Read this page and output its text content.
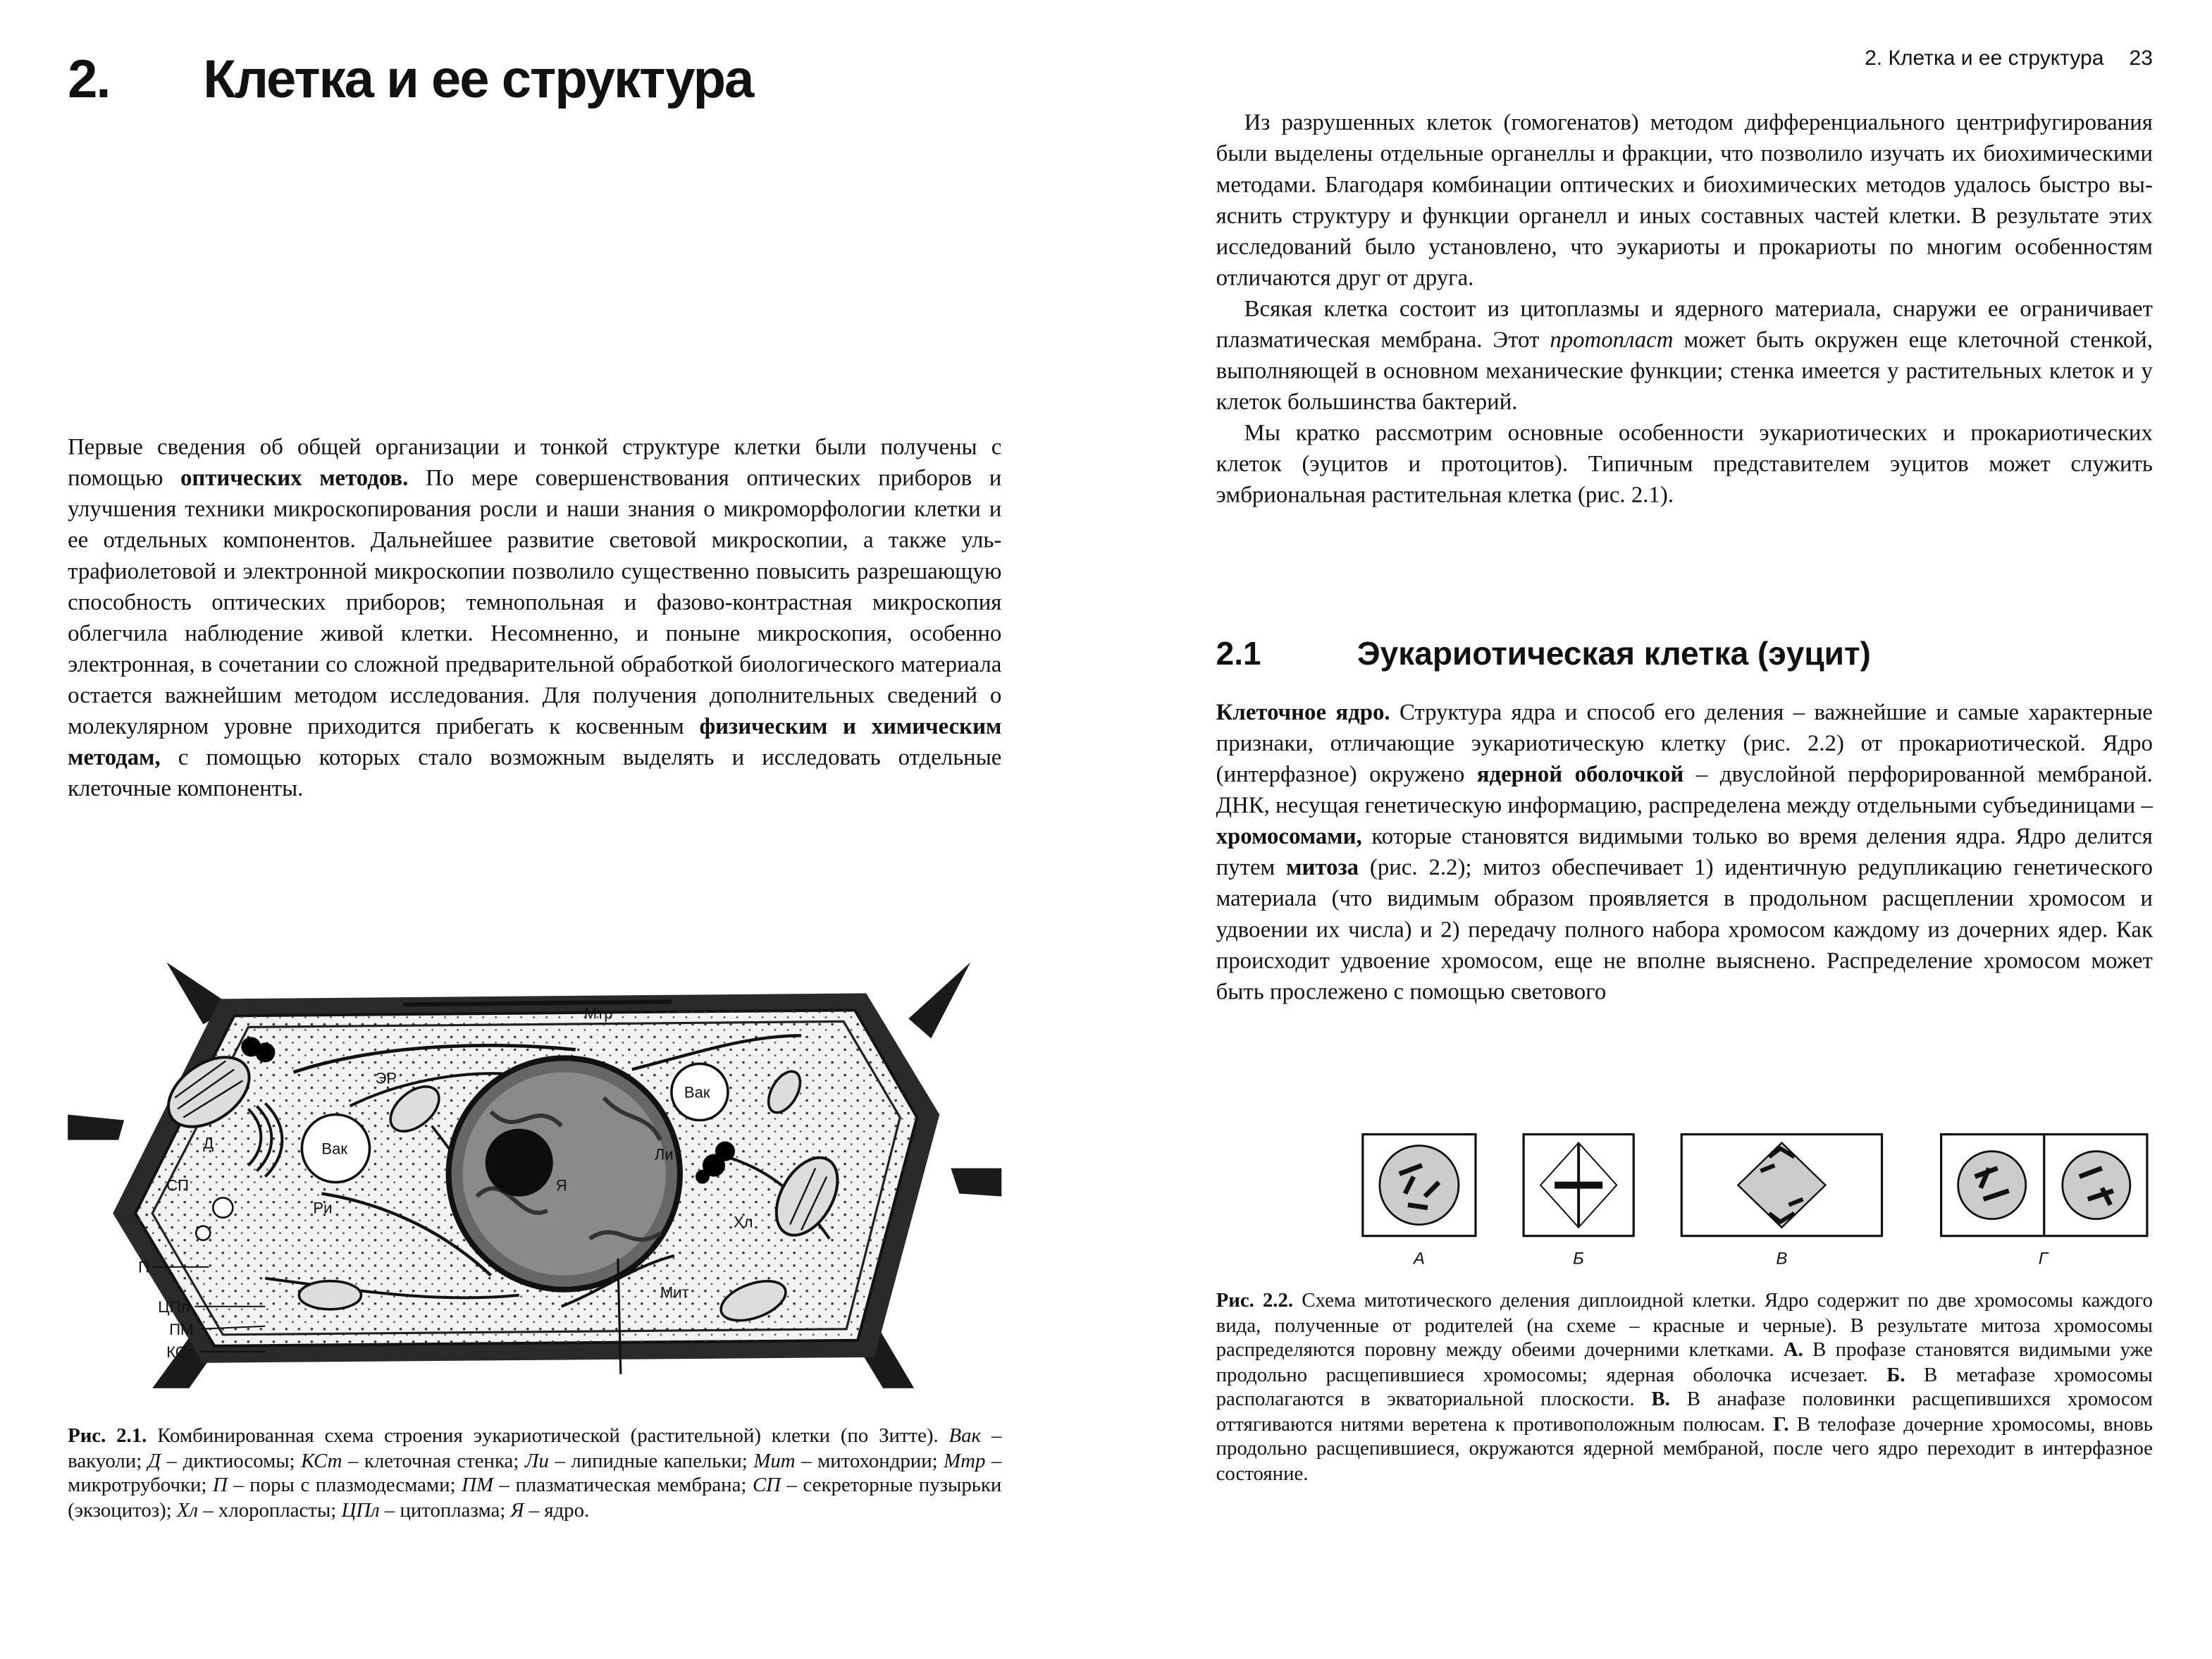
2.	Клетка и ее структура

Первые сведения об общей организации и тонкой структуре клетки были получены с помощью оптических методов. По мере совершенствования оптических приборов и улучшения техники микроскопирования росли и наши знания о микроморфологии клетки и ее отдельных компонентов. Дальнейшее развитие световой микроскопии, а также ультрафиолетовой и электронной микроскопии позволило существенно повысить разрешающую способность оптических приборов; темнопольная и фазово-контрастная микроскопия облегчила наблюдение живой клетки. Несомненно, и поныне микроскопия, особенно электронная, в сочетании со сложной предварительной обработкой биологического материала остается важнейшим методом исследования. Для получения дополнительных сведений о молекулярном уровне приходится прибегать к косвенным физическим и химическим методам, с помощью которых стало возможным выделять и исследовать отдельные клеточные компоненты.

Мтр
ЭР
Вак
Вак
Д
СП
Ри
Я
Ли
Хл
Мит
П
ЦПл
ПМ
КСт

Рис. 2.1. Комбинированная схема строения эукариотической (растительной) клетки (по Зитте). Вак – вакуоли; Д – диктиосомы; КСт – клеточная стенка; Ли – липидные капельки; Мит – митохондрии; Мтр – микротрубочки; П – поры с плазмодесмами; ПМ – плазматическая мембрана; СП – секреторные пузырьки (экзоцитоз); Хл – хлоропласты; ЦПл – цитоплазма; Я – ядро.

2. Клетка и ее структура 23

Из разрушенных клеток (гомогенатов) методом дифференциального центрифугирования были выделены отдельные органеллы и фракции, что позволило изучать их биохимическими методами. Благодаря комбинации оптических и биохимических методов удалось быстро выяснить структуру и функции органелл и иных составных частей клетки. В результате этих исследований было установлено, что эукариоты и прокариоты по многим особенностям отличаются друг от друга.

Всякая клетка состоит из цитоплазмы и ядерного материала, снаружи ее ограничивает плазматическая мембрана. Этот протопласт может быть окружен еще клеточной стенкой, выполняющей в основном механические функции; стенка имеется у растительных клеток и у клеток большинства бактерий.

Мы кратко рассмотрим основные особенности эукариотических и прокариотических клеток (эуцитов и протоцитов). Типичным представителем эуцитов может служить эмбриональная растительная клетка (рис. 2.1).

2.1	Эукариотическая клетка (эуцит)

Клеточное ядро. Структура ядра и способ его деления – важнейшие и самые характерные признаки, отличающие эукариотическую клетку (рис. 2.2) от прокариотической. Ядро (интерфазное) окружено ядерной оболочкой – двуслойной перфорированной мембраной. ДНК, несущая генетическую информацию, распределена между отдельными субъединицами – хромосомами, которые становятся видимыми только во время деления ядра. Ядро делится путем митоза (рис. 2.2); митоз обеспечивает 1) идентичную редупликацию генетического материала (что видимым образом проявляется в продольном расщеплении хромосом и удвоении их числа) и 2) передачу полного набора хромосом каждому из дочерних ядер. Как происходит удвоение хромосом, еще не вполне выяснено. Распределение хромосом может быть прослежено с помощью светового

А	Б	В	Г

Рис. 2.2. Схема митотического деления диплоидной клетки. Ядро содержит по две хромосомы каждого вида, полученные от родителей (на схеме – красные и черные). В результате митоза хромосомы распределяются поровну между обеими дочерними клетками. А. В профазе становятся видимыми уже продольно расщепившиеся хромосомы; ядерная оболочка исчезает. Б. В метафазе хромосомы располагаются в экваториальной плоскости. В. В анафазе половинки расщепившихся хромосом оттягиваются нитями веретена к противоположным полюсам. Г. В телофазе дочерние хромосомы, вновь продольно расщепившиеся, окружаются ядерной мембраной, после чего ядро переходит в интерфазное состояние.
